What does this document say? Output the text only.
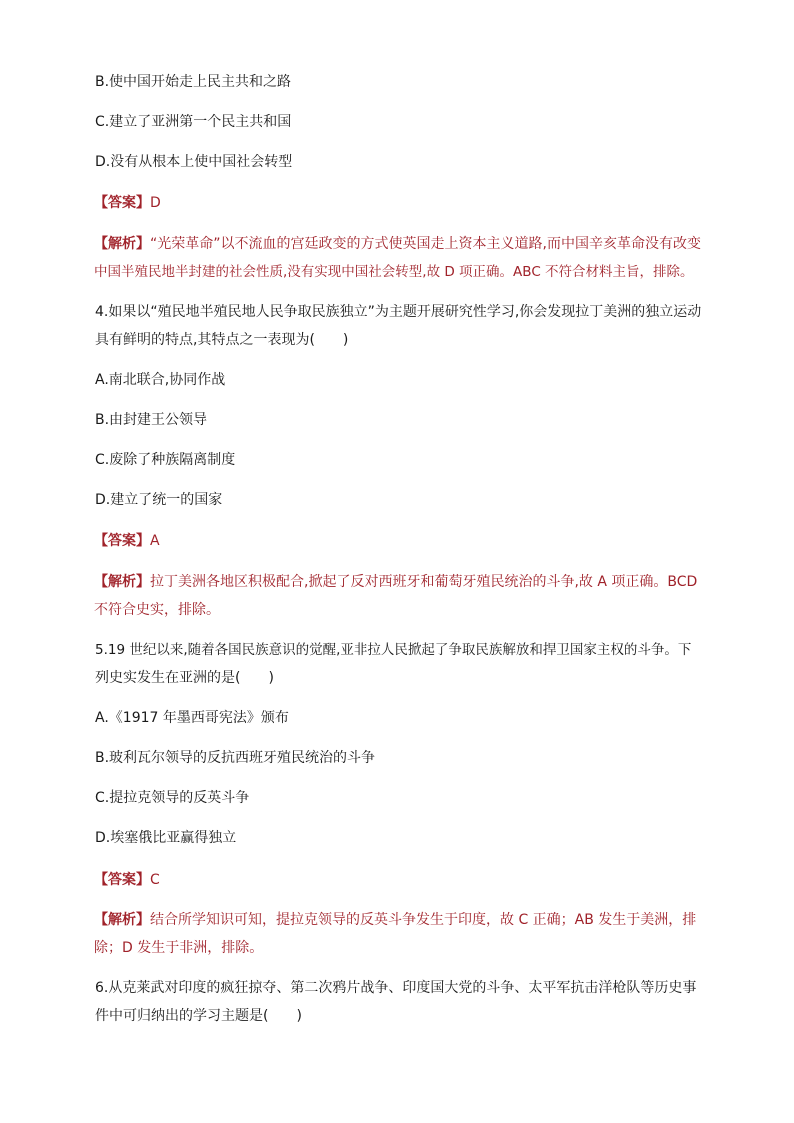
B.使中国开始走上民主共和之路
C.建立了亚洲第一个民主共和国
D.没有从根本上使中国社会转型
【答案】D
【解析】“光荣革命”以不流血的宫廷政变的方式使英国走上资本主义道路,而中国辛亥革命没有改变
中国半殖民地半封建的社会性质,没有实现中国社会转型,故 D 项正确。ABC 不符合材料主旨，排除。
4.如果以“殖民地半殖民地人民争取民族独立”为主题开展研究性学习,你会发现拉丁美洲的独立运动
具有鲜明的特点,其特点之一表现为(　　)
A.南北联合,协同作战
B.由封建王公领导
C.废除了种族隔离制度
D.建立了统一的国家
【答案】A
【解析】拉丁美洲各地区积极配合,掀起了反对西班牙和葡萄牙殖民统治的斗争,故 A 项正确。BCD
不符合史实，排除。
5.19 世纪以来,随着各国民族意识的觉醒,亚非拉人民掀起了争取民族解放和捍卫国家主权的斗争。下
列史实发生在亚洲的是(　　)
A.《1917 年墨西哥宪法》颁布
B.玻利瓦尔领导的反抗西班牙殖民统治的斗争
C.提拉克领导的反英斗争
D.埃塞俄比亚赢得独立
【答案】C
【解析】结合所学知识可知，提拉克领导的反英斗争发生于印度，故 C 正确；AB 发生于美洲，排
除；D 发生于非洲，排除。
6.从克莱武对印度的疯狂掠夺、第二次鸦片战争、印度国大党的斗争、太平军抗击洋枪队等历史事
件中可归纳出的学习主题是(　　)
